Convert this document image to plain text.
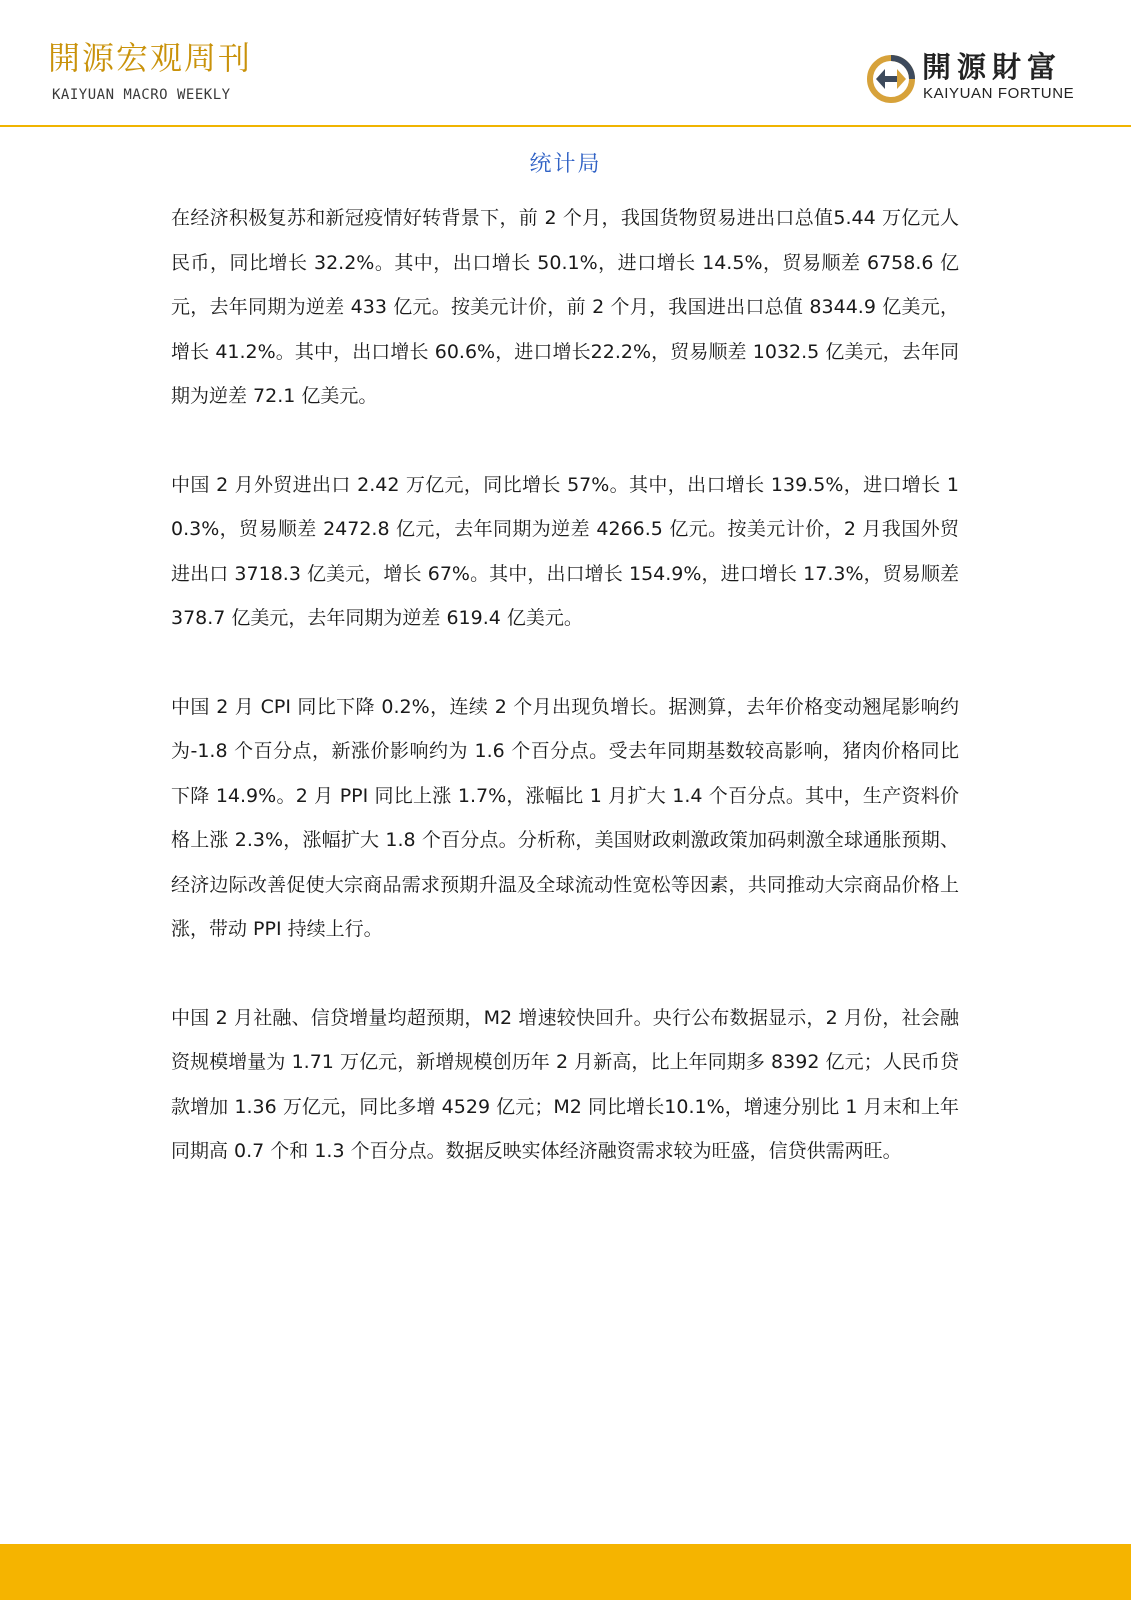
開源宏观周刊
KAIYUAN MACRO WEEKLY
開源財富
KAIYUAN FORTUNE
统计局

在经济积极复苏和新冠疫情好转背景下，前 2 个月，我国货物贸易进出口总值5.44 万亿元人民币，同比增长 32.2%。其中，出口增长 50.1%，进口增长 14.5%，贸易顺差 6758.6 亿元，去年同期为逆差 433 亿元。按美元计价，前 2 个月，我国进出口总值 8344.9 亿美元，增长 41.2%。其中，出口增长 60.6%，进口增长22.2%，贸易顺差 1032.5 亿美元，去年同期为逆差 72.1 亿美元。

中国 2 月外贸进出口 2.42 万亿元，同比增长 57%。其中，出口增长 139.5%，进口增长 10.3%，贸易顺差 2472.8 亿元，去年同期为逆差 4266.5 亿元。按美元计价，2 月我国外贸进出口 3718.3 亿美元，增长 67%。其中，出口增长 154.9%，进口增长 17.3%，贸易顺差 378.7 亿美元，去年同期为逆差 619.4 亿美元。

中国 2 月 CPI 同比下降 0.2%，连续 2 个月出现负增长。据测算，去年价格变动翘尾影响约为-1.8 个百分点，新涨价影响约为 1.6 个百分点。受去年同期基数较高影响，猪肉价格同比下降 14.9%。2 月 PPI 同比上涨 1.7%，涨幅比 1 月扩大 1.4 个百分点。其中，生产资料价格上涨 2.3%，涨幅扩大 1.8 个百分点。分析称，美国财政刺激政策加码刺激全球通胀预期、经济边际改善促使大宗商品需求预期升温及全球流动性宽松等因素，共同推动大宗商品价格上涨，带动 PPI 持续上行。

中国 2 月社融、信贷增量均超预期，M2 增速较快回升。央行公布数据显示，2 月份，社会融资规模增量为 1.71 万亿元，新增规模创历年 2 月新高，比上年同期多 8392 亿元；人民币贷款增加 1.36 万亿元，同比多增 4529 亿元；M2 同比增长10.1%，增速分别比 1 月末和上年同期高 0.7 个和 1.3 个百分点。数据反映实体经济融资需求较为旺盛，信贷供需两旺。
